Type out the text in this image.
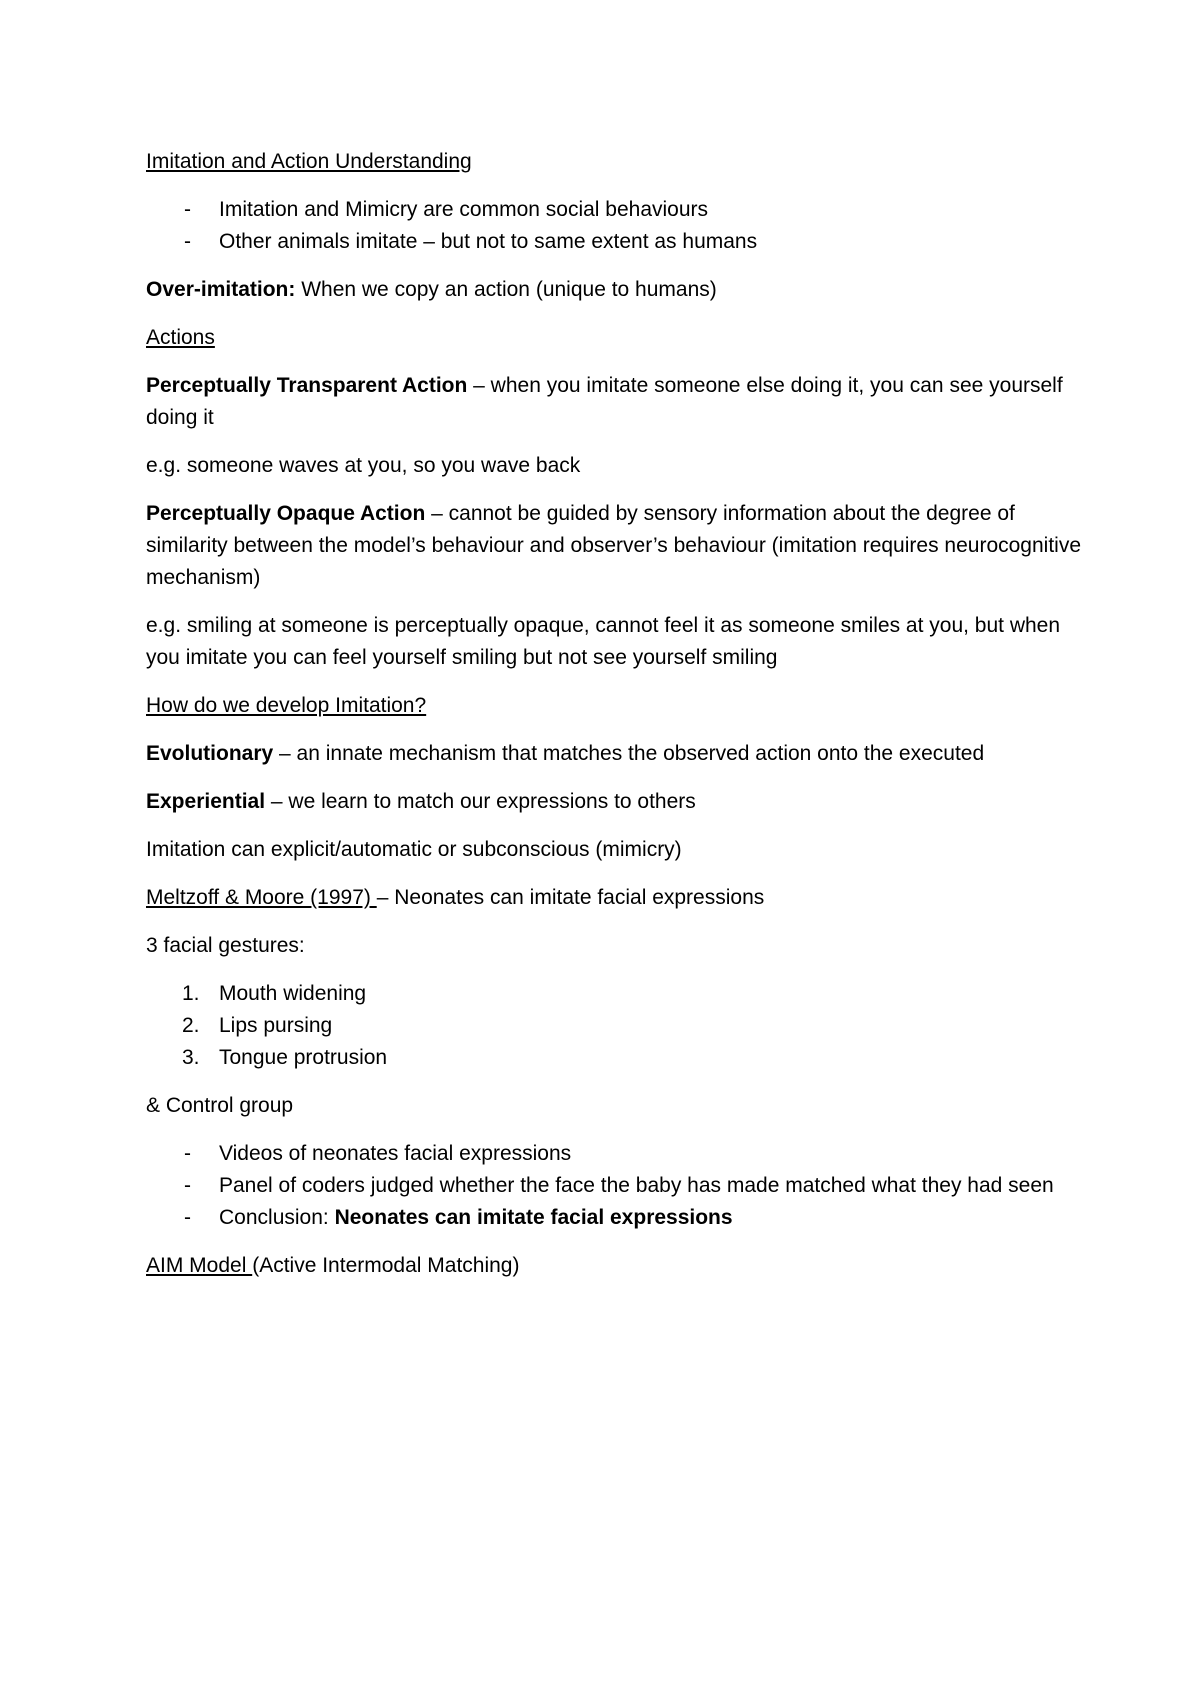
Imitation and Action Understanding

- Imitation and Mimicry are common social behaviours
- Other animals imitate – but not to same extent as humans

Over-imitation: When we copy an action (unique to humans)

Actions

Perceptually Transparent Action – when you imitate someone else doing it, you can see yourself doing it

e.g. someone waves at you, so you wave back

Perceptually Opaque Action – cannot be guided by sensory information about the degree of similarity between the model’s behaviour and observer’s behaviour (imitation requires neurocognitive mechanism)

e.g. smiling at someone is perceptually opaque, cannot feel it as someone smiles at you, but when you imitate you can feel yourself smiling but not see yourself smiling

How do we develop Imitation?

Evolutionary – an innate mechanism that matches the observed action onto the executed

Experiential – we learn to match our expressions to others

Imitation can explicit/automatic or subconscious (mimicry)

Meltzoff & Moore (1997) – Neonates can imitate facial expressions

3 facial gestures:

1. Mouth widening
2. Lips pursing
3. Tongue protrusion

& Control group

- Videos of neonates facial expressions
- Panel of coders judged whether the face the baby has made matched what they had seen
- Conclusion: Neonates can imitate facial expressions

AIM Model (Active Intermodal Matching)
